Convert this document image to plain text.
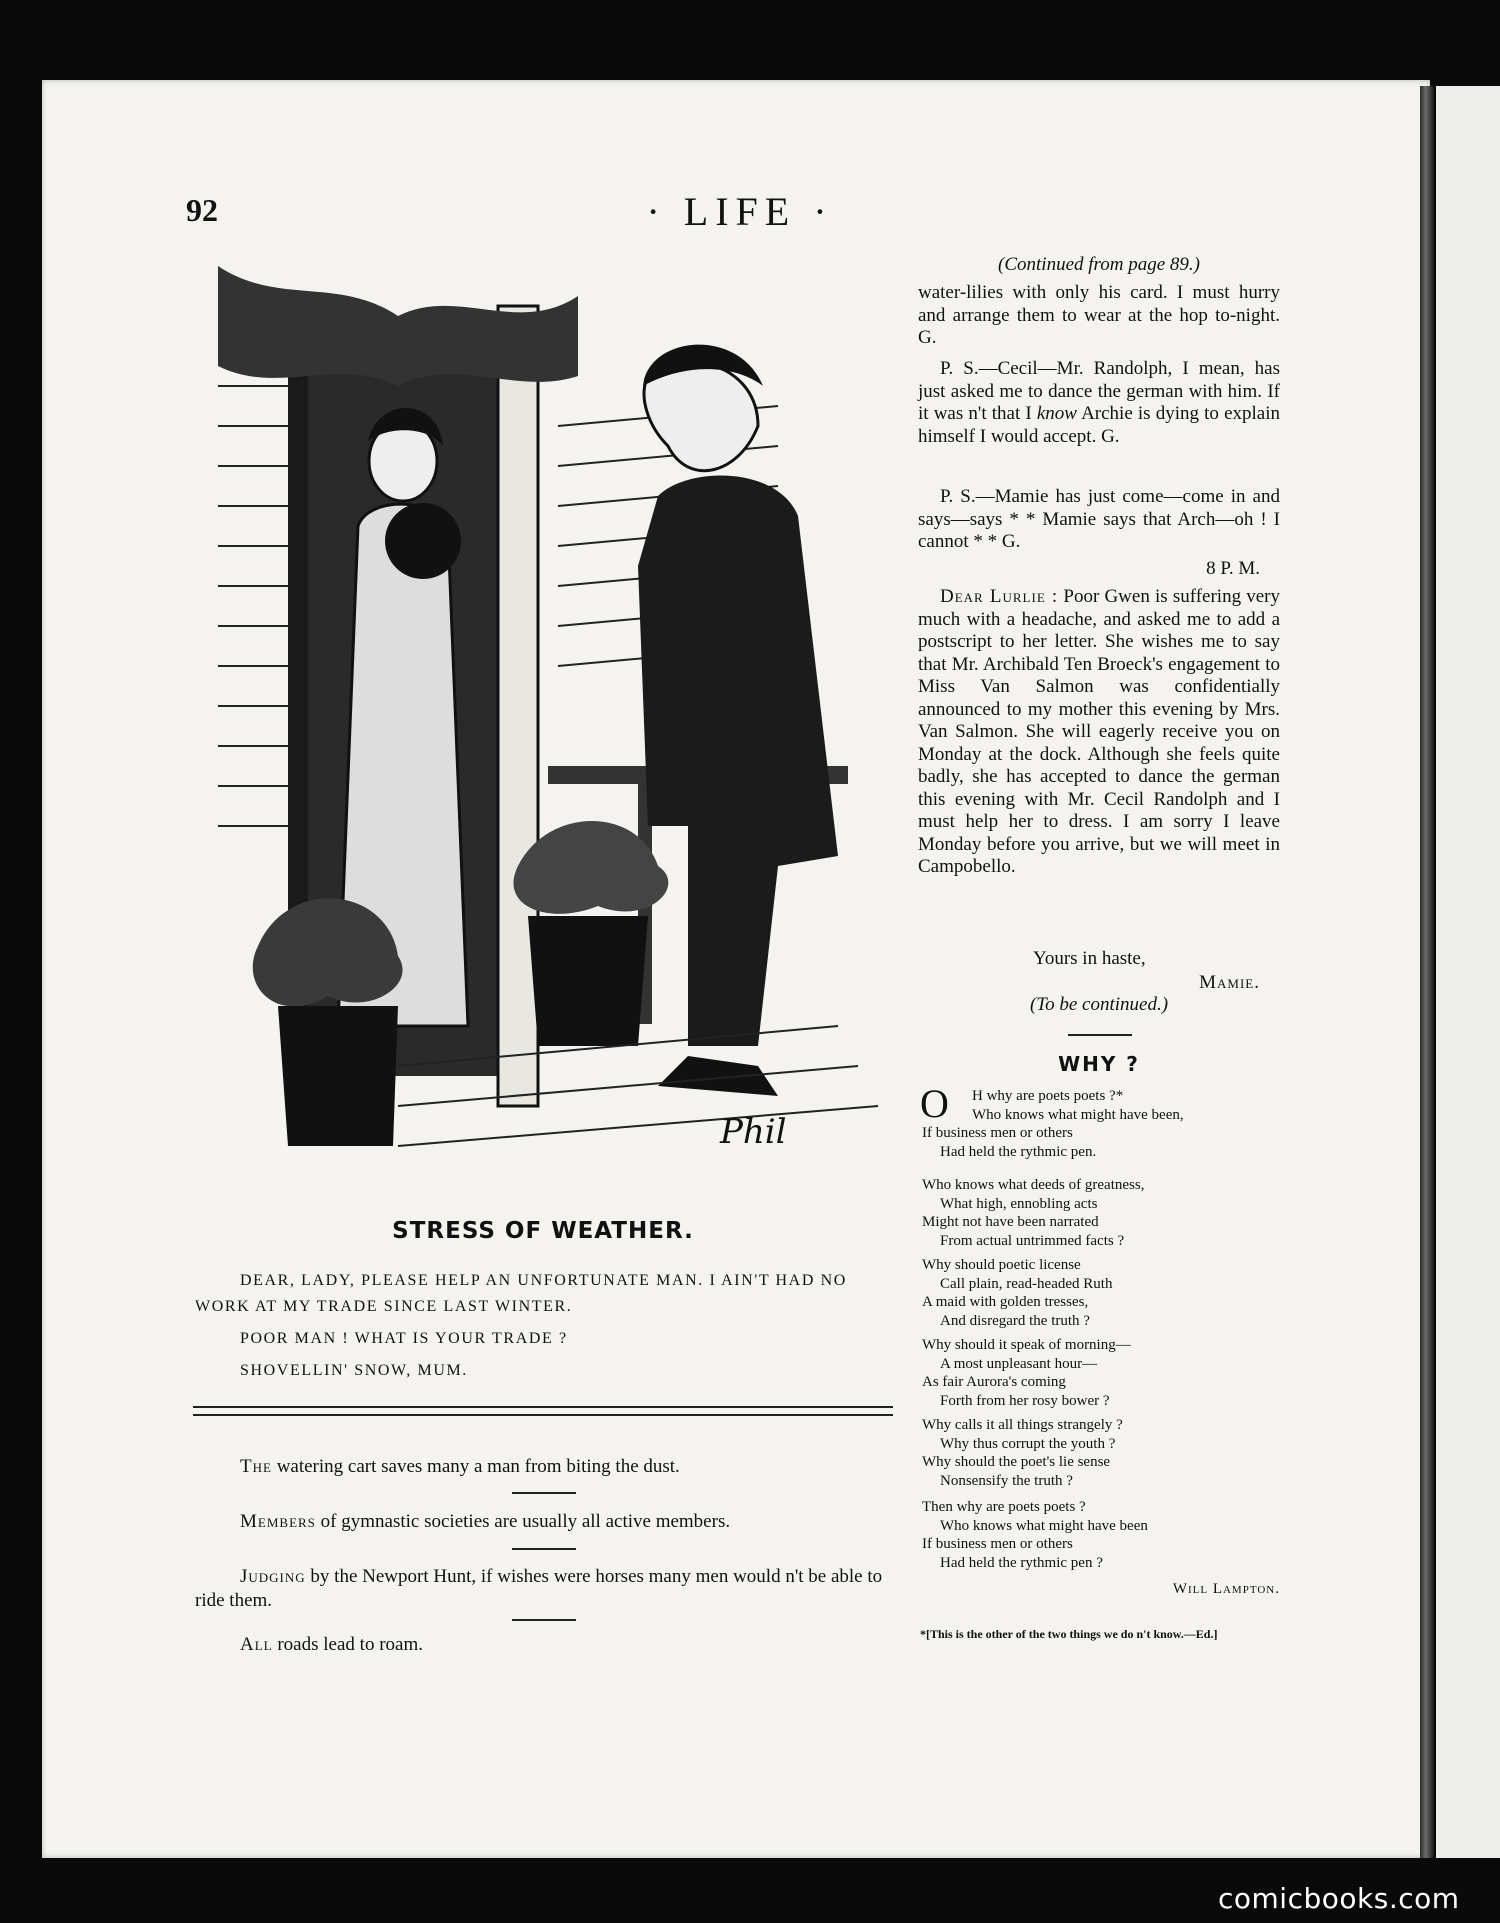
92	· LIFE ·
Phil
STRESS OF WEATHER.
DEAR, LADY, PLEASE HELP AN UNFORTUNATE MAN. I AIN'T HAD NO WORK AT MY TRADE SINCE LAST WINTER.
POOR MAN ! WHAT IS YOUR TRADE ?
SHOVELLIN' SNOW, MUM.
The watering cart saves many a man from biting the dust.
Members of gymnastic societies are usually all active members.
Judging by the Newport Hunt, if wishes were horses many men would n't be able to ride them.
All roads lead to roam.
(Continued from page 89.)
water-lilies with only his card. I must hurry and arrange them to wear at the hop to-night. G.
P. S.—Cecil—Mr. Randolph, I mean, has just asked me to dance the german with him. If it was n't that I know Archie is dying to explain himself I would accept. G.
P. S.—Mamie has just come—come in and says—says * * Mamie says that Arch—oh ! I cannot * * G.
8 P. M.
Dear Lurlie : Poor Gwen is suffering very much with a headache, and asked me to add a postscript to her letter. She wishes me to say that Mr. Archibald Ten Broeck's engagement to Miss Van Salmon was confidentially announced to my mother this evening by Mrs. Van Salmon. She will eagerly receive you on Monday at the dock. Although she feels quite badly, she has accepted to dance the german this evening with Mr. Cecil Randolph and I must help her to dress. I am sorry I leave Monday before you arrive, but we will meet in Campobello.
Yours in haste,
Mamie.
(To be continued.)
WHY ?
O	H why are poets poets ?*
Who knows what might have been,
If business men or others
Had held the rythmic pen.
Who knows what deeds of greatness,
What high, ennobling acts
Might not have been narrated
From actual untrimmed facts ?
Why should poetic license
Call plain, read-headed Ruth
A maid with golden tresses,
And disregard the truth ?
Why should it speak of morning—
A most unpleasant hour—
As fair Aurora's coming
Forth from her rosy bower ?
Why calls it all things strangely ?
Why thus corrupt the youth ?
Why should the poet's lie sense
Nonsensify the truth ?
Then why are poets poets ?
Who knows what might have been
If business men or others
Had held the rythmic pen ?
Will Lampton.
*[This is the other of the two things we do n't know.—Ed.]
comicbooks.com
